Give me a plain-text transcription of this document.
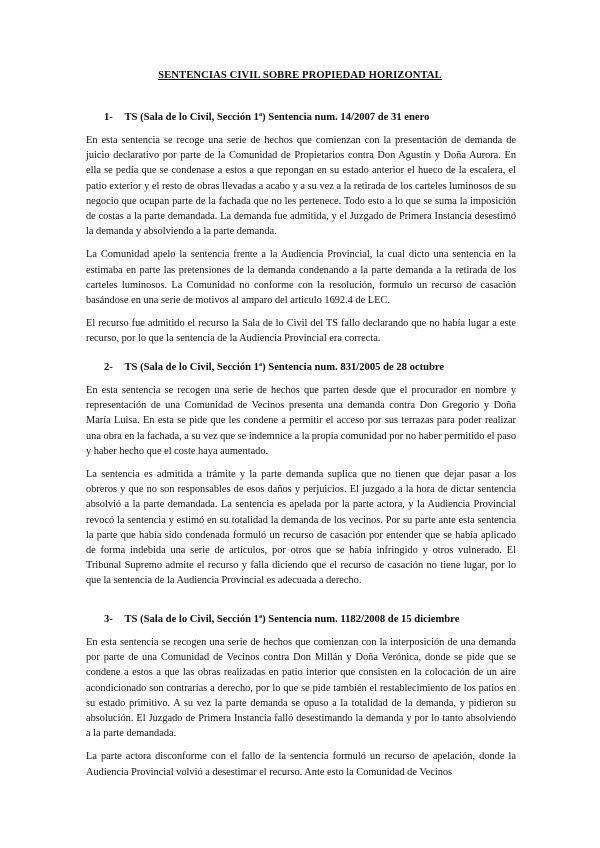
SENTENCIAS CIVIL SOBRE PROPIEDAD HORIZONTAL
1- TS (Sala de lo Civil, Sección 1ª) Sentencia num. 14/2007 de 31 enero

En esta sentencia se recoge una serie de hechos que comienzan con la presentación de demanda de juicio declarativo por parte de la Comunidad de Propietarios contra Don Agustín y Doña Aurora. En ella se pedía que se condenase a estos a que repongan en su estado anterior el hueco de la escalera, el patio exterior y el resto de obras llevadas a acabo y a su vez a la retirada de los carteles luminosos de su negocio que ocupan parte de la fachada que no les pertenece. Todo esto a lo que se suma la imposición de costas a la parte demandada. La demanda fue admitida, y el Juzgado de Primera Instancia desestimó la demanda y absolviendo a la parte demanda.

La Comunidad apelo la sentencia frente a la Audiencia Provincial, la cual dicto una sentencia en la estimaba en parte las pretensiones de la demanda condenando a la parte demanda a la retirada de los carteles luminosos. La Comunidad no conforme con la resolución, formulo un recurso de casación basándose en una serie de motivos al amparo del articulo 1692.4 de LEC.

El recurso fue admitido el recurso la Sala de lo Civil del TS fallo declarando que no había lugar a este recurso, por lo que la sentencia de la Audiencia Provincial era correcta.

2- TS (Sala de lo Civil, Sección 1ª) Sentencia num. 831/2005 de 28 octubre

En esta sentencia se recogen una serie de hechos que parten desde que el procurador en nombre y representación de una Comunidad de Vecinos presenta una demanda contra Don Gregorio y Doña María Luisa. En esta se pide que les condene a permitir el acceso por sus terrazas para poder realizar una obra en la fachada, a su vez que se indemnice a la propia comunidad por no haber permitido el paso y haber hecho que el coste haya aumentado.

La sentencia es admitida a trámite y la parte demanda suplica que no tienen que dejar pasar a los obreros y que no son responsables de esos daños y perjuicios. El juzgado a la hora de dictar sentencia absolvió a la parte demandada. La sentencia es apelada por la parte actora, y la Audiencia Provincial revocó la sentencia y estimó en su totalidad la demanda de los vecinos. Por su parte ante esta sentencia la parte que había sido condenada formuló un recurso de casación por entender que se había aplicado de forma indebida una serie de artículos, por otros que se había infringido y otros vulnerado. El Tribunal Supremo admite el recurso y falla diciendo que el recurso de casación no tiene lugar, por lo que la sentencia de la Audiencia Provincial es adecuada a derecho.

3- TS (Sala de lo Civil, Sección 1ª) Sentencia num. 1182/2008 de 15 diciembre

En esta sentencia se recogen una serie de hechos que comienzan con la interposición de una demanda por parte de una Comunidad de Vecinos contra Don Millán y Doña Verónica, donde se pide que se condene a estos a que las obras realizadas en patio interior que consisten en la colocación de un aire acondicionado son contrarias a derecho, por lo que se pide también el restablecimiento de los patios en su estado primitivo. A su vez la parte demanda se opuso a la totalidad de la demanda, y pidieron su absolución. El Juzgado de Primera Instancia falló desestimando la demanda y por lo tanto absolviendo a la parte demandada.

La parte actora disconforme con el fallo de la sentencia formuló un recurso de apelación, donde la Audiencia Provincial volvió a desestimar el recurso. Ante esto la Comunidad de Vecinos
